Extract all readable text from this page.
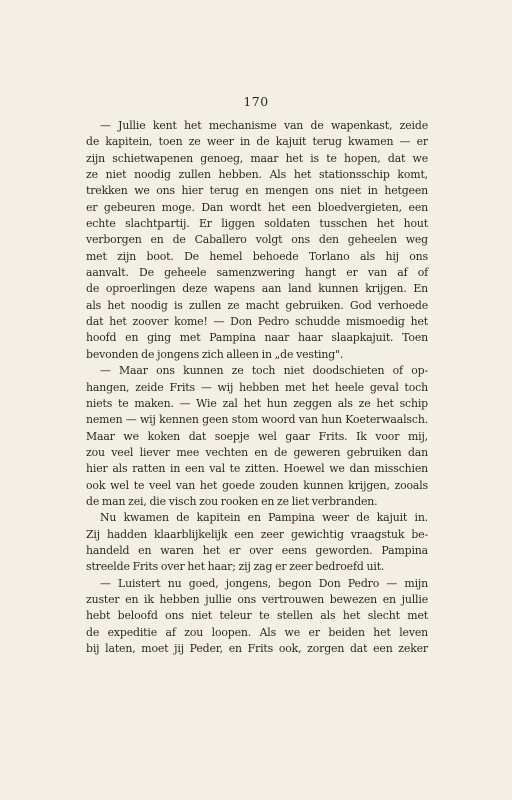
170
— Jullie kent het mechanisme van de wapenkast, zeide
de kapitein, toen ze weer in de kajuit terug kwamen — er
zijn schietwapenen genoeg, maar het is te hopen, dat we
ze niet noodig zullen hebben. Als het stationsschip komt,
trekken we ons hier terug en mengen ons niet in hetgeen
er gebeuren moge. Dan wordt het een bloedvergieten, een
echte slachtpartij. Er liggen soldaten tusschen het hout
verborgen en de Caballero volgt ons den geheelen weg
met zijn boot. De hemel behoede Torlano als hij ons
aanvalt. De geheele samenzwering hangt er van af of
de oproerlingen deze wapens aan land kunnen krijgen. En
als het noodig is zullen ze macht gebruiken. God verhoede
dat het zoover kome! — Don Pedro schudde mismoedig het
hoofd en ging met Pampina naar haar slaapkajuit. Toen
bevonden de jongens zich alleen in „de vesting".
— Maar ons kunnen ze toch niet doodschieten of op-
hangen, zeide Frits — wij hebben met het heele geval toch
niets te maken. — Wie zal het hun zeggen als ze het schip
nemen — wij kennen geen stom woord van hun Koeterwaalsch.
Maar we koken dat soepje wel gaar Frits. Ik voor mij,
zou veel liever mee vechten en de geweren gebruiken dan
hier als ratten in een val te zitten. Hoewel we dan misschien
ook wel te veel van het goede zouden kunnen krijgen, zooals
de man zei, die visch zou rooken en ze liet verbranden.
Nu kwamen de kapitein en Pampina weer de kajuit in.
Zij hadden klaarblijkelijk een zeer gewichtig vraagstuk be-
handeld en waren het er over eens geworden. Pampina
streelde Frits over het haar; zij zag er zeer bedroefd uit.
— Luistert nu goed, jongens, begon Don Pedro — mijn
zuster en ik hebben jullie ons vertrouwen bewezen en jullie
hebt beloofd ons niet teleur te stellen als het slecht met
de expeditie af zou loopen. Als we er beiden het leven
bij laten, moet jij Peder, en Frits ook, zorgen dat een zeker
